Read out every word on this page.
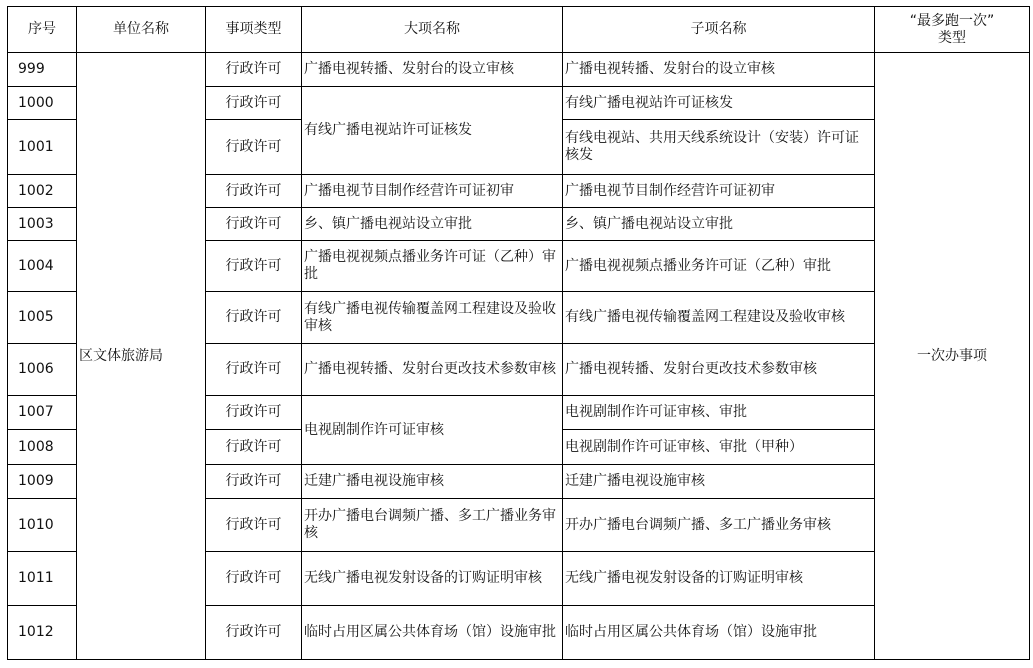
序号	单位名称	事项类型	大项名称	子项名称	“最多跑一次”
类型

999	区文体旅游局	行政许可	广播电视转播、发射台的设立审核	广播电视转播、发射台的设立审核	一次办事项
1000		行政许可	有线广播电视站许可证核发	有线广播电视站许可证核发	
1001		行政许可		有线电视站、共用天线系统设计（安装）许可证核发	
1002		行政许可	广播电视节目制作经营许可证初审	广播电视节目制作经营许可证初审	
1003		行政许可	乡、镇广播电视站设立审批	乡、镇广播电视站设立审批	
1004		行政许可	广播电视视频点播业务许可证（乙种）审批	广播电视视频点播业务许可证（乙种）审批	
1005		行政许可	有线广播电视传输覆盖网工程建设及验收审核	有线广播电视传输覆盖网工程建设及验收审核	
1006		行政许可	广播电视转播、发射台更改技术参数审核	广播电视转播、发射台更改技术参数审核	
1007		行政许可	电视剧制作许可证审核	电视剧制作许可证审核、审批	
1008		行政许可		电视剧制作许可证审核、审批（甲种）	
1009		行政许可	迁建广播电视设施审核	迁建广播电视设施审核	
1010		行政许可	开办广播电台调频广播、多工广播业务审核	开办广播电台调频广播、多工广播业务审核	
1011		行政许可	无线广播电视发射设备的订购证明审核	无线广播电视发射设备的订购证明审核	
1012		行政许可	临时占用区属公共体育场（馆）设施审批	临时占用区属公共体育场（馆）设施审批	
